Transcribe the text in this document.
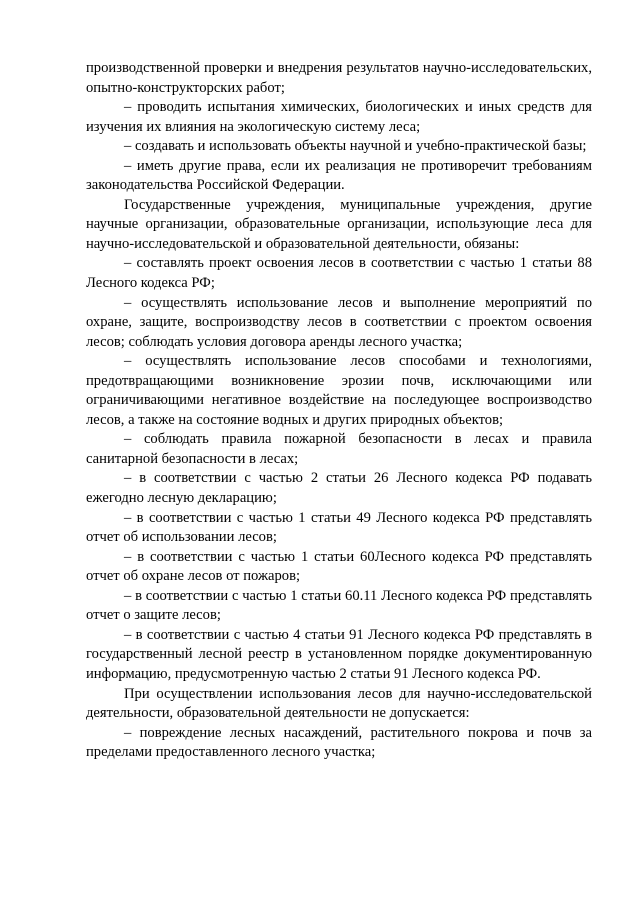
производственной проверки и внедрения результатов научно-исследовательских, опытно-конструкторских работ;

– проводить испытания химических, биологических и иных средств для изучения их влияния на экологическую систему леса;

– создавать и использовать объекты научной и учебно-практической базы;

– иметь другие права, если их реализация не противоречит требованиям законодательства Российской Федерации.

Государственные учреждения, муниципальные учреждения, другие научные организации, образовательные организации, использующие леса для научно-исследовательской и образовательной деятельности, обязаны:

– составлять проект освоения лесов в соответствии с частью 1 статьи 88 Лесного кодекса РФ;

– осуществлять использование лесов и выполнение мероприятий по охране, защите, воспроизводству лесов в соответствии с проектом освоения лесов; соблюдать условия договора аренды лесного участка;

– осуществлять использование лесов способами и технологиями, предотвращающими возникновение эрозии почв, исключающими или ограничивающими негативное воздействие на последующее воспроизводство лесов, а также на состояние водных и других природных объектов;

– соблюдать правила пожарной безопасности в лесах и правила санитарной безопасности в лесах;

– в соответствии с частью 2 статьи 26 Лесного кодекса РФ подавать ежегодно лесную декларацию;

– в соответствии с частью 1 статьи 49 Лесного кодекса РФ представлять отчет об использовании лесов;

– в соответствии с частью 1 статьи 60Лесного кодекса РФ представлять отчет об охране лесов от пожаров;

– в соответствии с частью 1 статьи 60.11 Лесного кодекса РФ представлять отчет о защите лесов;

– в соответствии с частью 4 статьи 91 Лесного кодекса РФ представлять в государственный лесной реестр в установленном порядке документированную информацию, предусмотренную частью 2 статьи 91 Лесного кодекса РФ.

При осуществлении использования лесов для научно-исследовательской деятельности, образовательной деятельности не допускается:

– повреждение лесных насаждений, растительного покрова и почв за пределами предоставленного лесного участка;
